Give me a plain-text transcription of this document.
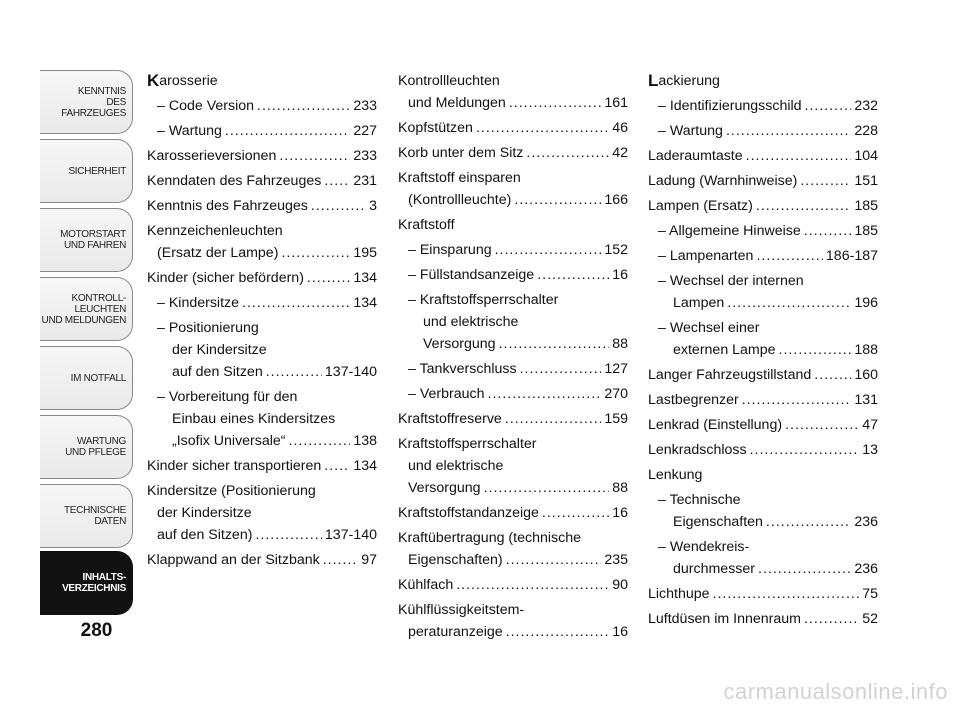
KENNTNIS
DES FAHRZEUGES
SICHERHEIT
MOTORSTART
UND FAHREN
KONTROLL-
LEUCHTEN
UND MELDUNGEN
IM NOTFALL
WARTUNG
UND PFLEGE
TECHNISCHE
DATEN
INHALTS-
VERZEICHNIS
280
K arosserie
– Code Version .....	233
– Wartung .....	227
Karosserieversionen .....	233
Kenndaten des Fahrzeuges ..... 231
Kenntnis des Fahrzeuges .....	3
Kennzeichenleuchten
(Ersatz der Lampe) .....	195
Kinder (sicher befördern) .....	134
– Kindersitze .....	134
– Positionierung
der Kindersitze
auf den Sitzen .....	137-140
– Vorbereitung für den
Einbau eines Kindersitzes
„Isofix Universale“ .....	138
Kinder sicher transportieren ..... 134
Kindersitze (Positionierung
der Kindersitze
auf den Sitzen) .....	137-140
Klappwand an der Sitzbank .....	97
Kontrollleuchten
und Meldungen .....	161
Kopfstützen .....	46
Korb unter dem Sitz .....	42
Kraftstoff einsparen
(Kontrollleuchte) .....	166
Kraftstoff
– Einsparung .....	152
– Füllstandsanzeige .....	16
– Kraftstoffsperrschalter
und elektrische
Versorgung .....	88
– Tankverschluss .....	127
– Verbrauch .....	270
Kraftstoffreserve .....	159
Kraftstoffsperrschalter
und elektrische
Versorgung .....	88
Kraftstoffstandanzeige .....	16
Kraftübertragung (technische
Eigenschaften) .....	235
Kühlfach .....	90
Kühlflüssigkeitstem-
peraturanzeige .....	16
L ackierung
– Identifizierungsschild .....	232
– Wartung .....	228
Laderaumtaste .....	104
Ladung (Warnhinweise) .....	151
Lampen (Ersatz) .....	185
– Allgemeine Hinweise .....	185
– Lampenarten .....	186-187
– Wechsel der internen
Lampen .....	196
– Wechsel einer
externen Lampe .....	188
Langer Fahrzeugstillstand .....	160
Lastbegrenzer .....	131
Lenkrad (Einstellung) .....	47
Lenkradschloss .....	13
Lenkung
– Technische
Eigenschaften .....	236
– Wendekreis-
durchmesser .....	236
Lichthupe .....	75
Luftdüsen im Innenraum .....	52
carmanualsonline.info
